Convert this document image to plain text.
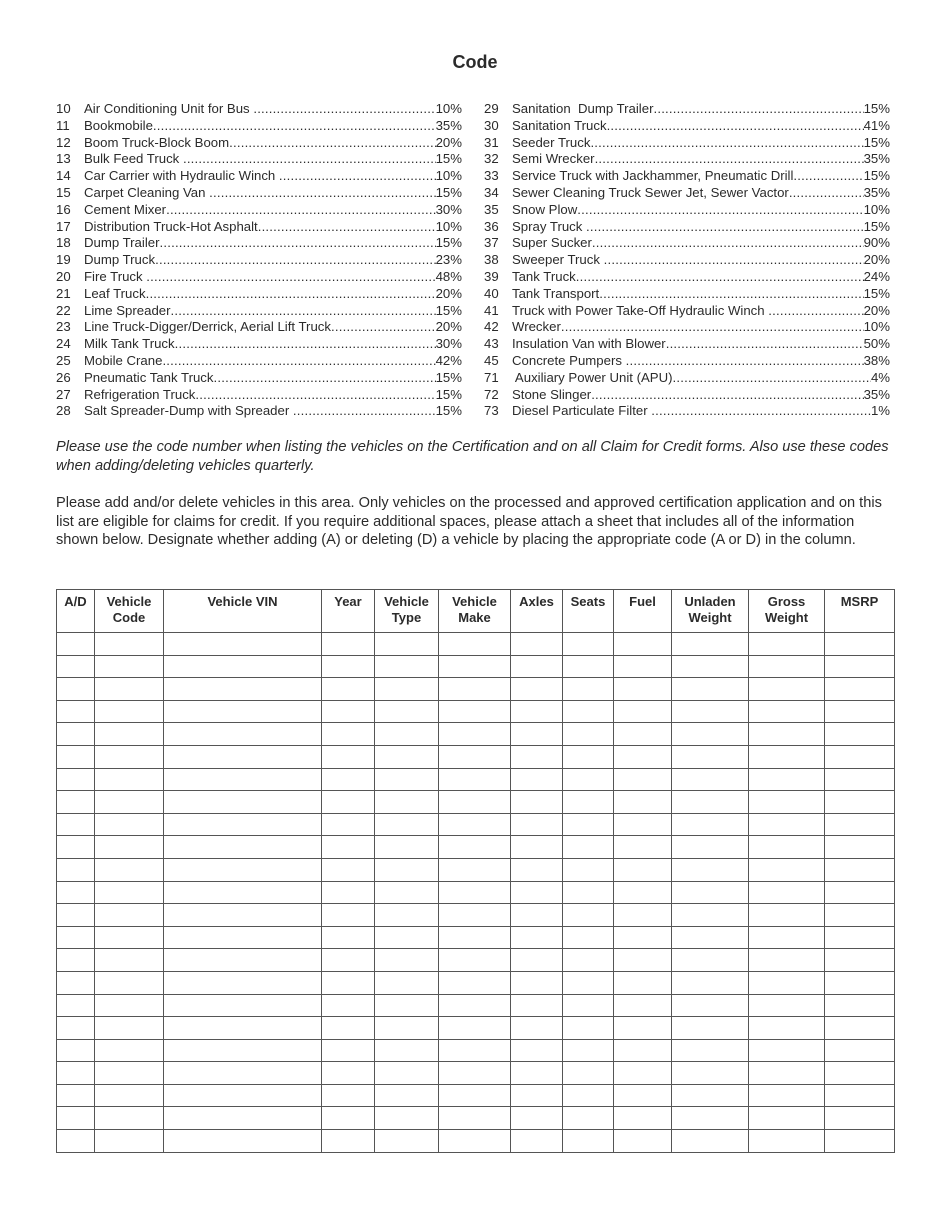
Code
10	Air Conditioning Unit for Bus .....	10%
11	Bookmobile .....	35%
12	Boom Truck-Block Boom .....	20%
13	Bulk Feed Truck .....	15%
14	Car Carrier with Hydraulic Winch .....	10%
15	Carpet Cleaning Van .....	15%
16	Cement Mixer .....	30%
17	Distribution Truck-Hot Asphalt .....	10%
18	Dump Trailer .....	15%
19	Dump Truck .....	23%
20	Fire Truck .....	48%
21	Leaf Truck .....	20%
22	Lime Spreader .....	15%
23	Line Truck-Digger/Derrick, Aerial Lift Truck .....	20%
24	Milk Tank Truck .....	30%
25	Mobile Crane .....	42%
26	Pneumatic Tank Truck .....	15%
27	Refrigeration Truck .....	15%
28	Salt Spreader-Dump with Spreader .....	15%
29	Sanitation  Dump Trailer .....	15%
30	Sanitation Truck .....	41%
31	Seeder Truck .....	15%
32	Semi Wrecker .....	35%
33	Service Truck with Jackhammer, Pneumatic Drill .....	15%
34	Sewer Cleaning Truck Sewer Jet, Sewer Vactor .....	35%
35	Snow Plow .....	10%
36	Spray Truck .....	15%
37	Super Sucker .....	90%
38	Sweeper Truck .....	20%
39	Tank Truck .....	24%
40	Tank Transport .....	15%
41	Truck with Power Take-Off Hydraulic Winch .....	20%
42	Wrecker .....	10%
43	Insulation Van with Blower .....	50%
45	Concrete Pumpers .....	38%
71	Auxiliary Power Unit (APU) .....	4%
72	Stone Slinger .....	35%
73	Diesel Particulate Filter .....	1%
Please use the code number when listing the vehicles on the Certification and on all Claim for Credit forms. Also use these codes when adding/deleting vehicles quarterly.
Please add and/or delete vehicles in this area. Only vehicles on the processed and approved certification application and on this list are eligible for claims for credit. If you require additional spaces, please attach a sheet that includes all of the information shown below. Designate whether adding (A) or deleting (D) a vehicle by placing the appropriate code (A or D) in the column.
A/D	Vehicle Code	Vehicle VIN	Year	Vehicle Type	Vehicle Make	Axles	Seats	Fuel	Unladen Weight	Gross Weight	MSRP
